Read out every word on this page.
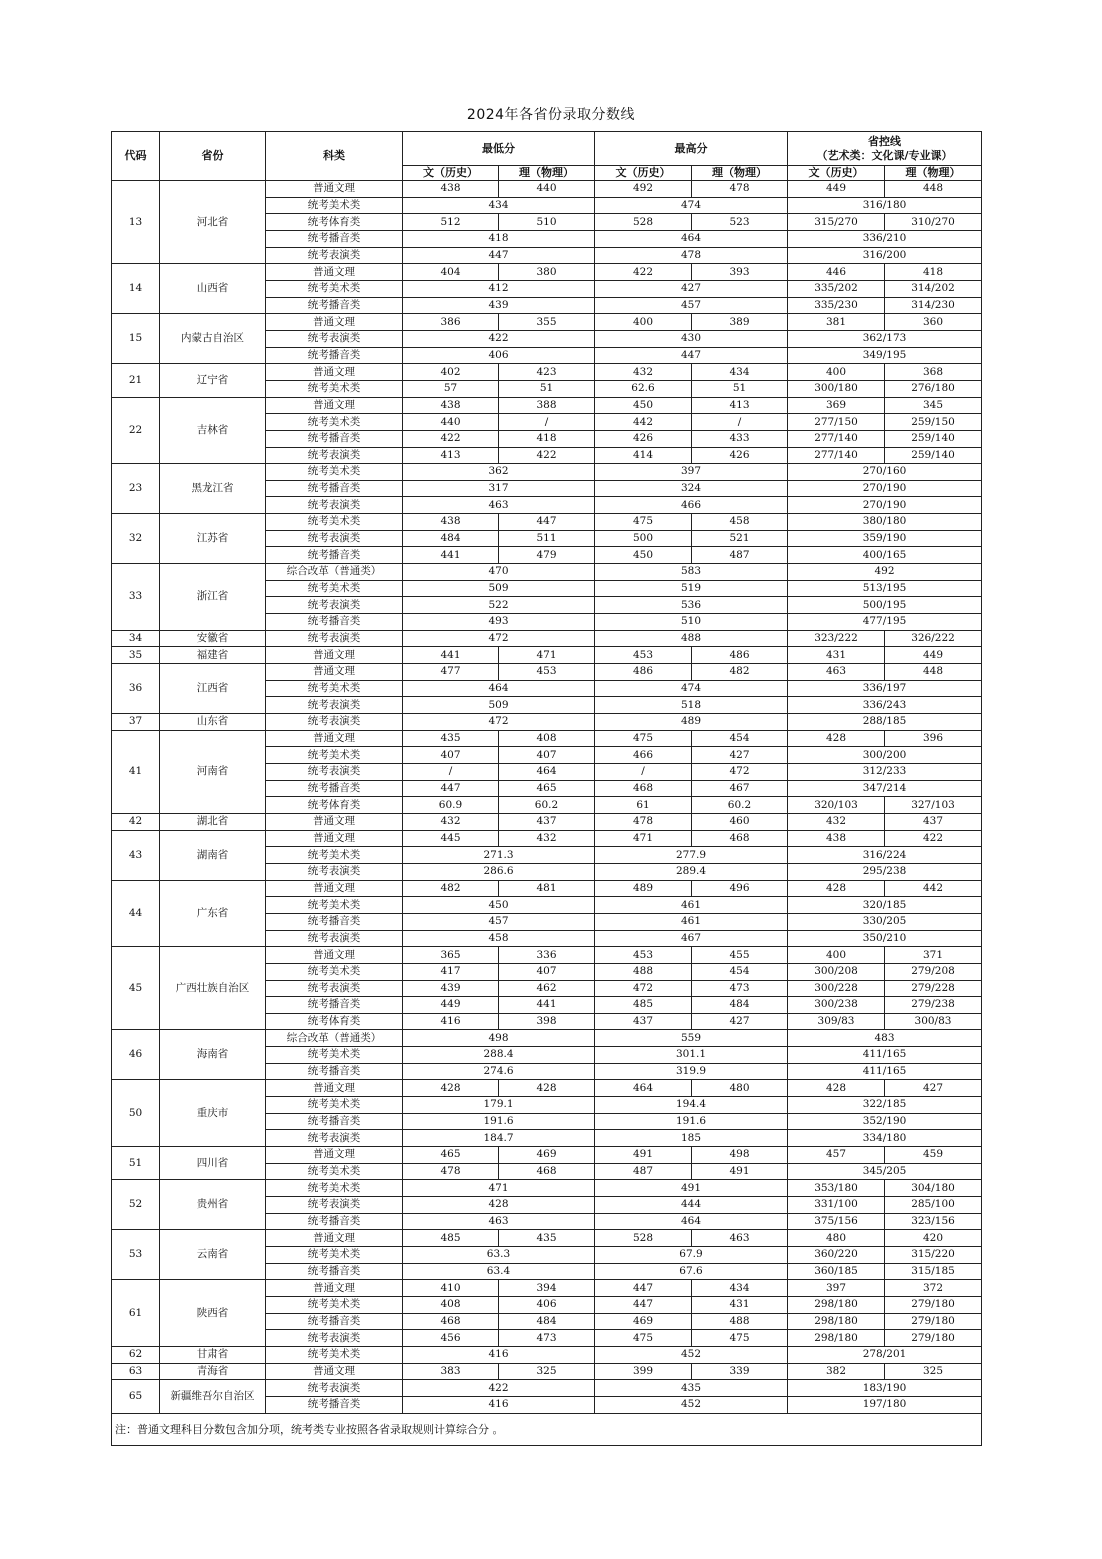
2024年各省份录取分数线
代码	省份	科类	最低分		最高分		省控线
（艺术类：文化课/专业课）	

			文（历史）	理（物理）	文（历史）	理（物理）	文（历史）	理（物理）
13	河北省	普通文理	438	440	492	478	449	448
		统考美术类	434		474		316/180	
		统考体育类	512	510	528	523	315/270	310/270
		统考播音类	418		464		336/210	
		统考表演类	447		478		316/200	
14	山西省	普通文理	404	380	422	393	446	418
		统考美术类	412		427		335/202	314/202
		统考播音类	439		457		335/230	314/230
15	内蒙古自治区	普通文理	386	355	400	389	381	360
		统考表演类	422		430		362/173	
		统考播音类	406		447		349/195	
21	辽宁省	普通文理	402	423	432	434	400	368
		统考美术类	57	51	62.6	51	300/180	276/180
22	吉林省	普通文理	438	388	450	413	369	345
		统考美术类	440	/	442	/	277/150	259/150
		统考播音类	422	418	426	433	277/140	259/140
		统考表演类	413	422	414	426	277/140	259/140
23	黑龙江省	统考美术类	362		397		270/160	
		统考播音类	317		324		270/190	
		统考表演类	463		466		270/190	
32	江苏省	统考美术类	438	447	475	458	380/180	
		统考表演类	484	511	500	521	359/190	
		统考播音类	441	479	450	487	400/165	
33	浙江省	综合改革（普通类）	470		583		492	
		统考美术类	509		519		513/195	
		统考表演类	522		536		500/195	
		统考播音类	493		510		477/195	
34	安徽省	统考表演类	472		488		323/222	326/222
35	福建省	普通文理	441	471	453	486	431	449
36	江西省	普通文理	477	453	486	482	463	448
		统考美术类	464		474		336/197	
		统考表演类	509		518		336/243	
37	山东省	统考表演类	472		489		288/185	
41	河南省	普通文理	435	408	475	454	428	396
		统考美术类	407	407	466	427	300/200	
		统考表演类	/	464	/	472	312/233	
		统考播音类	447	465	468	467	347/214	
		统考体育类	60.9	60.2	61	60.2	320/103	327/103
42	湖北省	普通文理	432	437	478	460	432	437
43	湖南省	普通文理	445	432	471	468	438	422
		统考美术类	271.3		277.9		316/224	
		统考表演类	286.6		289.4		295/238	
44	广东省	普通文理	482	481	489	496	428	442
		统考美术类	450		461		320/185	
		统考播音类	457		461		330/205	
		统考表演类	458		467		350/210	
45	广西壮族自治区	普通文理	365	336	453	455	400	371
		统考美术类	417	407	488	454	300/208	279/208
		统考表演类	439	462	472	473	300/228	279/228
		统考播音类	449	441	485	484	300/238	279/238
		统考体育类	416	398	437	427	309/83	300/83
46	海南省	综合改革（普通类）	498		559		483	
		统考美术类	288.4		301.1		411/165	
		统考播音类	274.6		319.9		411/165	
50	重庆市	普通文理	428	428	464	480	428	427
		统考美术类	179.1		194.4		322/185	
		统考播音类	191.6		191.6		352/190	
		统考表演类	184.7		185		334/180	
51	四川省	普通文理	465	469	491	498	457	459
		统考美术类	478	468	487	491	345/205	
52	贵州省	统考美术类	471		491		353/180	304/180
		统考表演类	428		444		331/100	285/100
		统考播音类	463		464		375/156	323/156
53	云南省	普通文理	485	435	528	463	480	420
		统考美术类	63.3		67.9		360/220	315/220
		统考播音类	63.4		67.6		360/185	315/185
61	陕西省	普通文理	410	394	447	434	397	372
		统考美术类	408	406	447	431	298/180	279/180
		统考播音类	468	484	469	488	298/180	279/180
		统考表演类	456	473	475	475	298/180	279/180
62	甘肃省	统考美术类	416		452		278/201	
63	青海省	普通文理	383	325	399	339	382	325
65	新疆维吾尔自治区	统考表演类	422		435		183/190	
		统考播音类	416		452		197/180	
注：普通文理科目分数包含加分项，统考类专业按照各省录取规则计算综合分 。								
